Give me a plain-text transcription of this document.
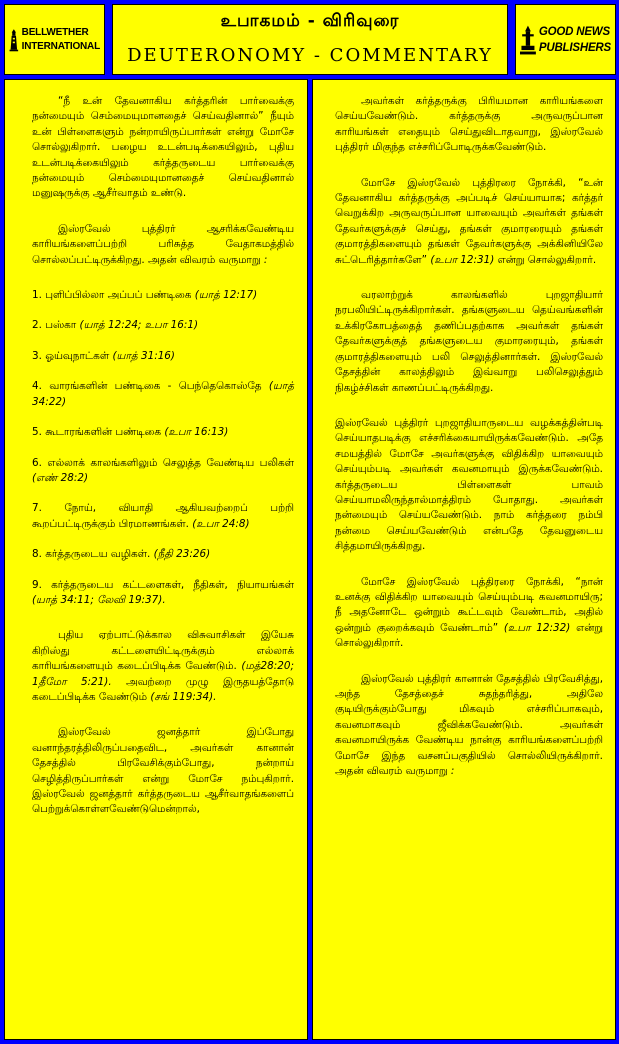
BELLWETHER
INTERNATIONAL
உபாகமம் - விரிவுரை
DEUTERONOMY - COMMENTARY
GOOD NEWS
PUBLISHERS

“நீ உன் தேவனாகிய கர்த்தரின் பார்வைக்கு நன்மையும் செம்மையுமானதைச் செய்வதினால்” நீயும் உன் பிள்ளைகளும் நன்றாயிருப்பார்கள் என்று மோசே சொல்லுகிறார். பழைய உடன்படிக்கையிலும், புதிய உடன்படிக்கையிலும் கர்த்தருடைய பார்வைக்கு நன்மையும் செம்மையுமானதைச் செய்வதினால் மனுஷருக்கு ஆசீர்வாதம் உண்டு.

இஸ்ரவேல் புத்திரர் ஆசரிக்கவேண்டிய காரியங்களைப்பற்றி பரிசுத்த வேதாகமத்தில் சொல்லப்பட்டிருக்கிறது. அதன் விவரம் வருமாறு :

1. புளிப்பில்லா அப்பப் பண்டிகை (யாத் 12:17)
2. பஸ்கா (யாத் 12:24; உபா 16:1)
3. ஓய்வுநாட்கள் (யாத் 31:16)
4. வாரங்களின் பண்டிகை - பெந்தெகொஸ்தே (யாத் 34:22)
5. கூடாரங்களின் பண்டிகை (உபா 16:13)
6. எல்லாக் காலங்களிலும் செலுத்த வேண்டிய பலிகள் (எண் 28:2)
7. நோய், வியாதி ஆகியவற்றைப் பற்றி கூறப்பட்டிருக்கும் பிரமாணங்கள். (உபா 24:8)
8. கர்த்தருடைய வழிகள். (நீதி 23:26)
9. கர்த்தருடைய கட்டளைகள், நீதிகள், நியாயங்கள் (யாத் 34:11; லேவி 19:37).

புதிய ஏற்பாட்டுக்கால விசுவாசிகள் இயேசு கிறிஸ்து கட்டளையிட்டிருக்கும் எல்லாக் காரியங்களையும் கடைப்பிடிக்க வேண்டும். (மத்28:20; 1தீமோ 5:21). அவற்றை முழு இருதயத்தோடு கடைப்பிடிக்க வேண்டும் (சங் 119:34).

இஸ்ரவேல் ஜனத்தார் இப்போது வனாந்தரத்திலிருப்பதைவிட, அவர்கள் கானான் தேசத்தில் பிரவேசிக்கும்போது, நன்றாய் செழித்திருப்பார்கள் என்று மோசே நம்புகிறார். இஸ்ரவேல் ஜனத்தார் கர்த்தருடைய ஆசீர்வாதங்களைப் பெற்றுக்கொள்ளவேண்டுமென்றால்,

அவர்கள் கர்த்தருக்கு பிரியமான காரியங்களை செய்யவேண்டும். கர்த்தருக்கு அருவருப்பான காரியங்கள் எதையும் செய்துவிடாதவாறு, இஸ்ரவேல் புத்திரர் மிகுந்த எச்சரிப்போடிருக்கவேண்டும்.

மோசே இஸ்ரவேல் புத்திரரை நோக்கி, “உன் தேவனாகிய கர்த்தருக்கு அப்படிச் செய்யாயாக; கர்த்தர் வெறுக்கிற அருவருப்பான யாவையும் அவர்கள் தங்கள் தேவர்களுக்குச் செய்து, தங்கள் குமாரரையும் தங்கள் குமாரத்திகளையும் தங்கள் தேவர்களுக்கு அக்கினியிலே சுட்டெரித்தார்களே” (உபா 12:31) என்று சொல்லுகிறார்.

வரலாற்றுக் காலங்களில் புறஜாதியார் நரபலியிட்டிருக்கிறார்கள். தங்களுடைய தெய்வங்களின் உக்கிரகோபத்தைத் தணிப்பதற்காக அவர்கள் தங்கள் தேவர்களுக்குத் தங்களுடைய குமாரரையும், தங்கள் குமாரத்திகளையும் பலி செலுத்தினார்கள். இஸ்ரவேல் தேசத்தின் காலத்திலும் இவ்வாறு பலிசெலுத்தும் நிகழ்ச்சிகள் காணப்பட்டிருக்கிறது.

இஸ்ரவேல் புத்திரர் புறஜாதியாருடைய வழக்கத்தின்படி செய்யாதபடிக்கு எச்சரிக்கையாயிருக்கவேண்டும். அதே சமயத்தில் மோசே அவர்களுக்கு விதிக்கிற யாவையும் செய்யும்படி அவர்கள் கவனமாயும் இருக்கவேண்டும். கர்த்தருடைய பிள்ளைகள் பாவம் செய்யாமலிருந்தால்மாத்திரம் போதாது. அவர்கள் நன்மையும் செய்யவேண்டும். நாம் கர்த்தரை நம்பி நன்மை செய்யவேண்டும் என்பதே தேவனுடைய சித்தமாயிருக்கிறது.

மோசே இஸ்ரவேல் புத்திரரை நோக்கி, “நான் உனக்கு விதிக்கிற யாவையும் செய்யும்படி கவனமாயிரு; நீ அதனோடே ஒன்றும் கூட்டவும் வேண்டாம், அதில் ஒன்றும் குறைக்கவும் வேண்டாம்” (உபா 12:32) என்று சொல்லுகிறார்.

இஸ்ரவேல் புத்திரர் கானான் தேசத்தில் பிரவேசித்து, அந்த தேசத்தைச் சுதந்தரித்து, அதிலே குடியிருக்கும்போது மிகவும் எச்சரிப்பாகவும், கவனமாகவும் ஜீவிக்கவேண்டும். அவர்கள் கவனமாயிருக்க வேண்டிய நான்கு காரியங்களைப்பற்றி மோசே இந்த வசனப்பகுதியில் சொல்லியிருக்கிறார். அதன் விவரம் வருமாறு :
